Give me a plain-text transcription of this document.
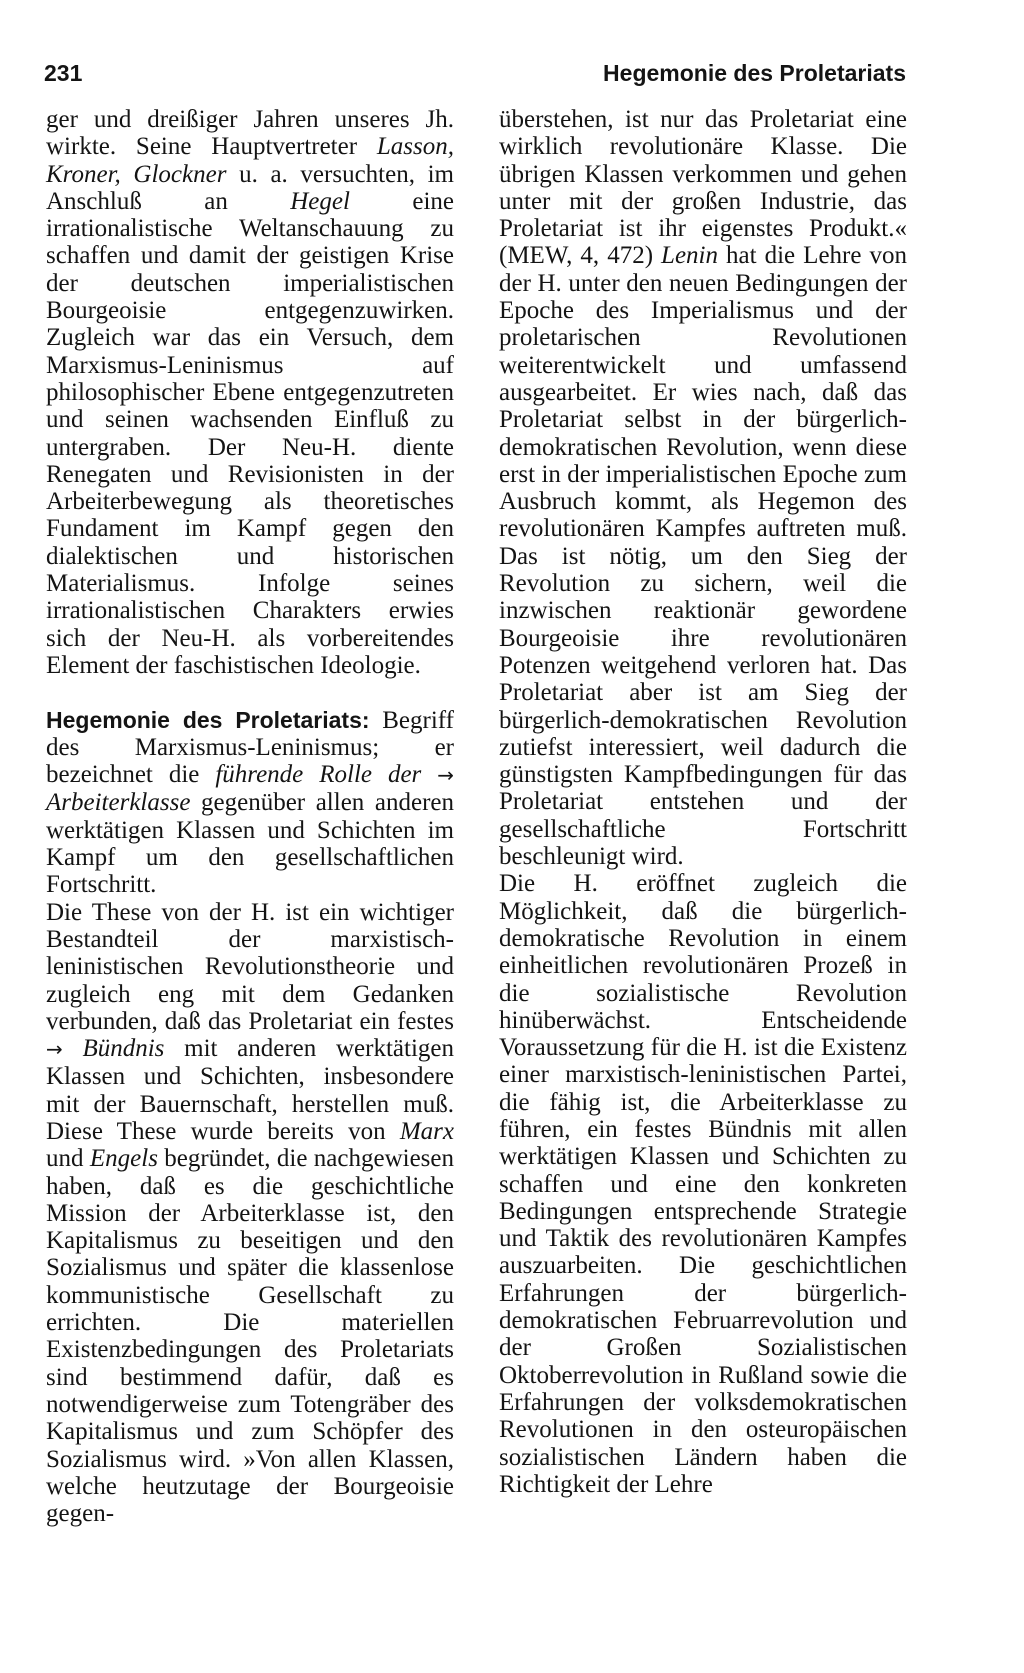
231	Hegemonie des Proletariats

ger und dreißiger Jahren unseres Jh. wirkte. Seine Hauptvertreter Lasson, Kroner, Glockner u. a. versuchten, im Anschluß an Hegel eine irrationalistische Weltanschauung zu schaffen und damit der geistigen Krise der deutschen imperialistischen Bourgeoisie entgegenzuwirken. Zugleich war das ein Versuch, dem Marxismus-Leninismus auf philosophischer Ebene entgegenzutreten und seinen wachsenden Einfluß zu untergraben. Der Neu-H. diente Renegaten und Revisionisten in der Arbeiterbewegung als theoretisches Fundament im Kampf gegen den dialektischen und historischen Materialismus. Infolge seines irrationalistischen Charakters erwies sich der Neu-H. als vorbereitendes Element der faschistischen Ideologie.

Hegemonie des Proletariats: Begriff des Marxismus-Leninismus; er bezeichnet die führende Rolle der → Arbeiterklasse gegenüber allen anderen werktätigen Klassen und Schichten im Kampf um den gesellschaftlichen Fortschritt.

Die These von der H. ist ein wichtiger Bestandteil der marxistisch-leninistischen Revolutionstheorie und zugleich eng mit dem Gedanken verbunden, daß das Proletariat ein festes → Bündnis mit anderen werktätigen Klassen und Schichten, insbesondere mit der Bauernschaft, herstellen muß. Diese These wurde bereits von Marx und Engels begründet, die nachgewiesen haben, daß es die geschichtliche Mission der Arbeiterklasse ist, den Kapitalismus zu beseitigen und den Sozialismus und später die klassenlose kommunistische Gesellschaft zu errichten. Die materiellen Existenzbedingungen des Proletariats sind bestimmend dafür, daß es notwendigerweise zum Totengräber des Kapitalismus und zum Schöpfer des Sozialismus wird. »Von allen Klassen, welche heutzutage der Bourgeoisie gegen-

überstehen, ist nur das Proletariat eine wirklich revolutionäre Klasse. Die übrigen Klassen verkommen und gehen unter mit der großen Industrie, das Proletariat ist ihr eigenstes Produkt.« (MEW, 4, 472) Lenin hat die Lehre von der H. unter den neuen Bedingungen der Epoche des Imperialismus und der proletarischen Revolutionen weiterentwickelt und umfassend ausgearbeitet. Er wies nach, daß das Proletariat selbst in der bürgerlich-demokratischen Revolution, wenn diese erst in der imperialistischen Epoche zum Ausbruch kommt, als Hegemon des revolutionären Kampfes auftreten muß. Das ist nötig, um den Sieg der Revolution zu sichern, weil die inzwischen reaktionär gewordene Bourgeoisie ihre revolutionären Potenzen weitgehend verloren hat. Das Proletariat aber ist am Sieg der bürgerlich-demokratischen Revolution zutiefst interessiert, weil dadurch die günstigsten Kampfbedingungen für das Proletariat entstehen und der gesellschaftliche Fortschritt beschleunigt wird.

Die H. eröffnet zugleich die Möglichkeit, daß die bürgerlich-demokratische Revolution in einem einheitlichen revolutionären Prozeß in die sozialistische Revolution hinüberwächst. Entscheidende Voraussetzung für die H. ist die Existenz einer marxistisch-leninistischen Partei, die fähig ist, die Arbeiterklasse zu führen, ein festes Bündnis mit allen werktätigen Klassen und Schichten zu schaffen und eine den konkreten Bedingungen entsprechende Strategie und Taktik des revolutionären Kampfes auszuarbeiten. Die geschichtlichen Erfahrungen der bürgerlich-demokratischen Februarrevolution und der Großen Sozialistischen Oktoberrevolution in Rußland sowie die Erfahrungen der volksdemokratischen Revolutionen in den osteuropäischen sozialistischen Ländern haben die Richtigkeit der Lehre
